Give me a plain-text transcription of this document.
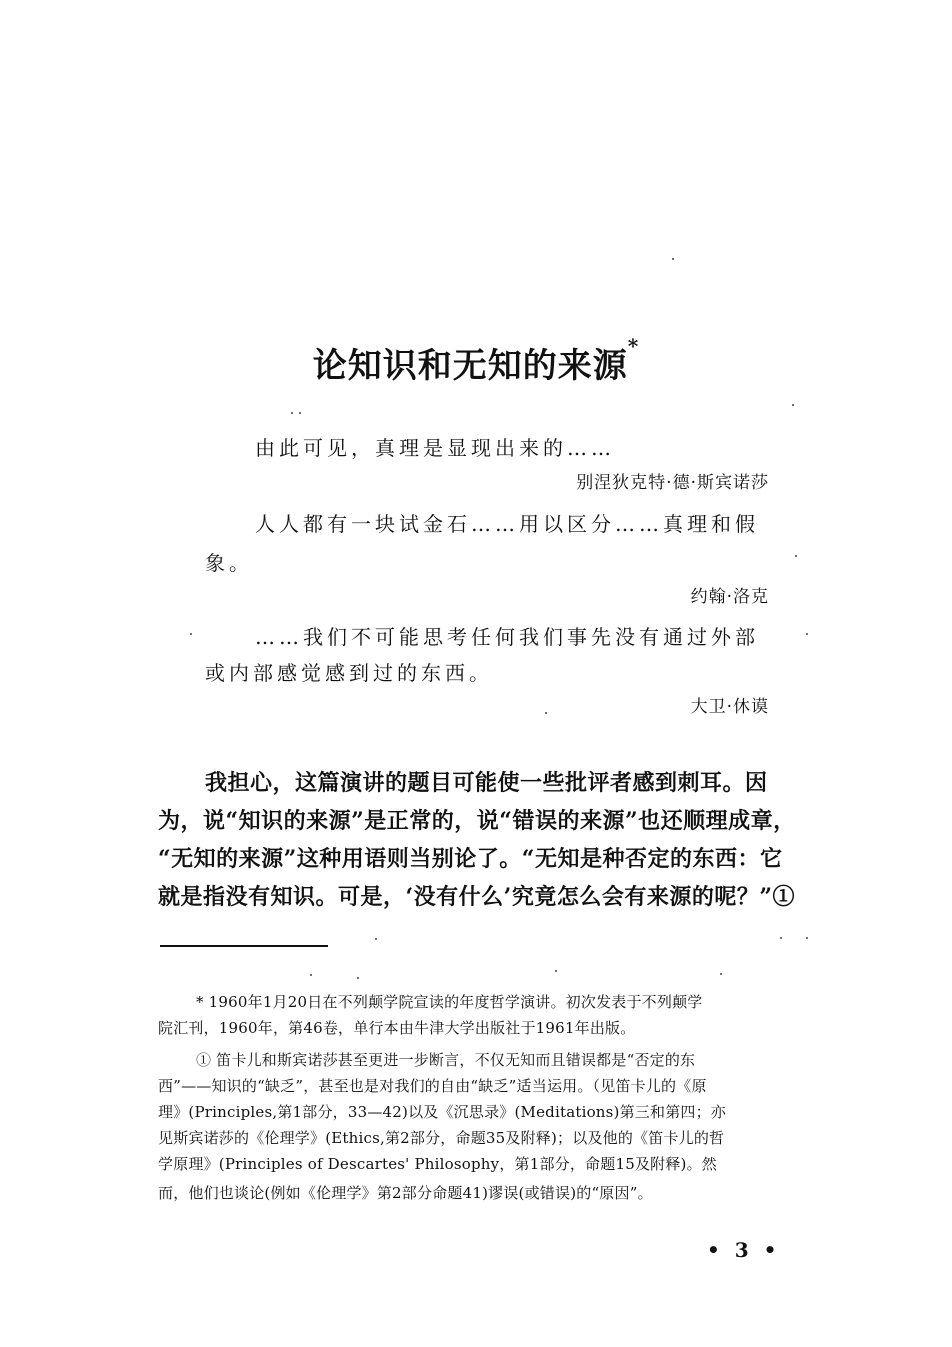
论知识和无知的来源*
由此可见，真理是显现出来的……
别涅狄克特·德·斯宾诺莎
人人都有一块试金石……用以区分……真理和假
象。
约翰·洛克
……我们不可能思考任何我们事先没有通过外部
或内部感觉感到过的东西。
大卫·休谟
我担心，这篇演讲的题目可能使一些批评者感到刺耳。因
为，说“知识的来源”是正常的，说“错误的来源”也还顺理成章，
“无知的来源”这种用语则当别论了。“无知是种否定的东西：它
就是指没有知识。可是，‘没有什么’究竟怎么会有来源的呢？”①
* 1960年1月20日在不列颠学院宣读的年度哲学演讲。初次发表于不列颠学
院汇刊，1960年，第46卷，单行本由牛津大学出版社于1961年出版。
① 笛卡儿和斯宾诺莎甚至更进一步断言，不仅无知而且错误都是“否定的东
西”——知识的“缺乏”，甚至也是对我们的自由“缺乏”适当运用。（见笛卡儿的《原
理》(Principles,第1部分，33—42)以及《沉思录》(Meditations)第三和第四；亦
见斯宾诺莎的《伦理学》(Ethics,第2部分，命题35及附释)；以及他的《笛卡儿的哲
学原理》(Principles of Descartes' Philosophy，第1部分，命题15及附释)。然
而，他们也谈论(例如《伦理学》第2部分命题41)谬误(或错误)的“原因”。
• 3 •
